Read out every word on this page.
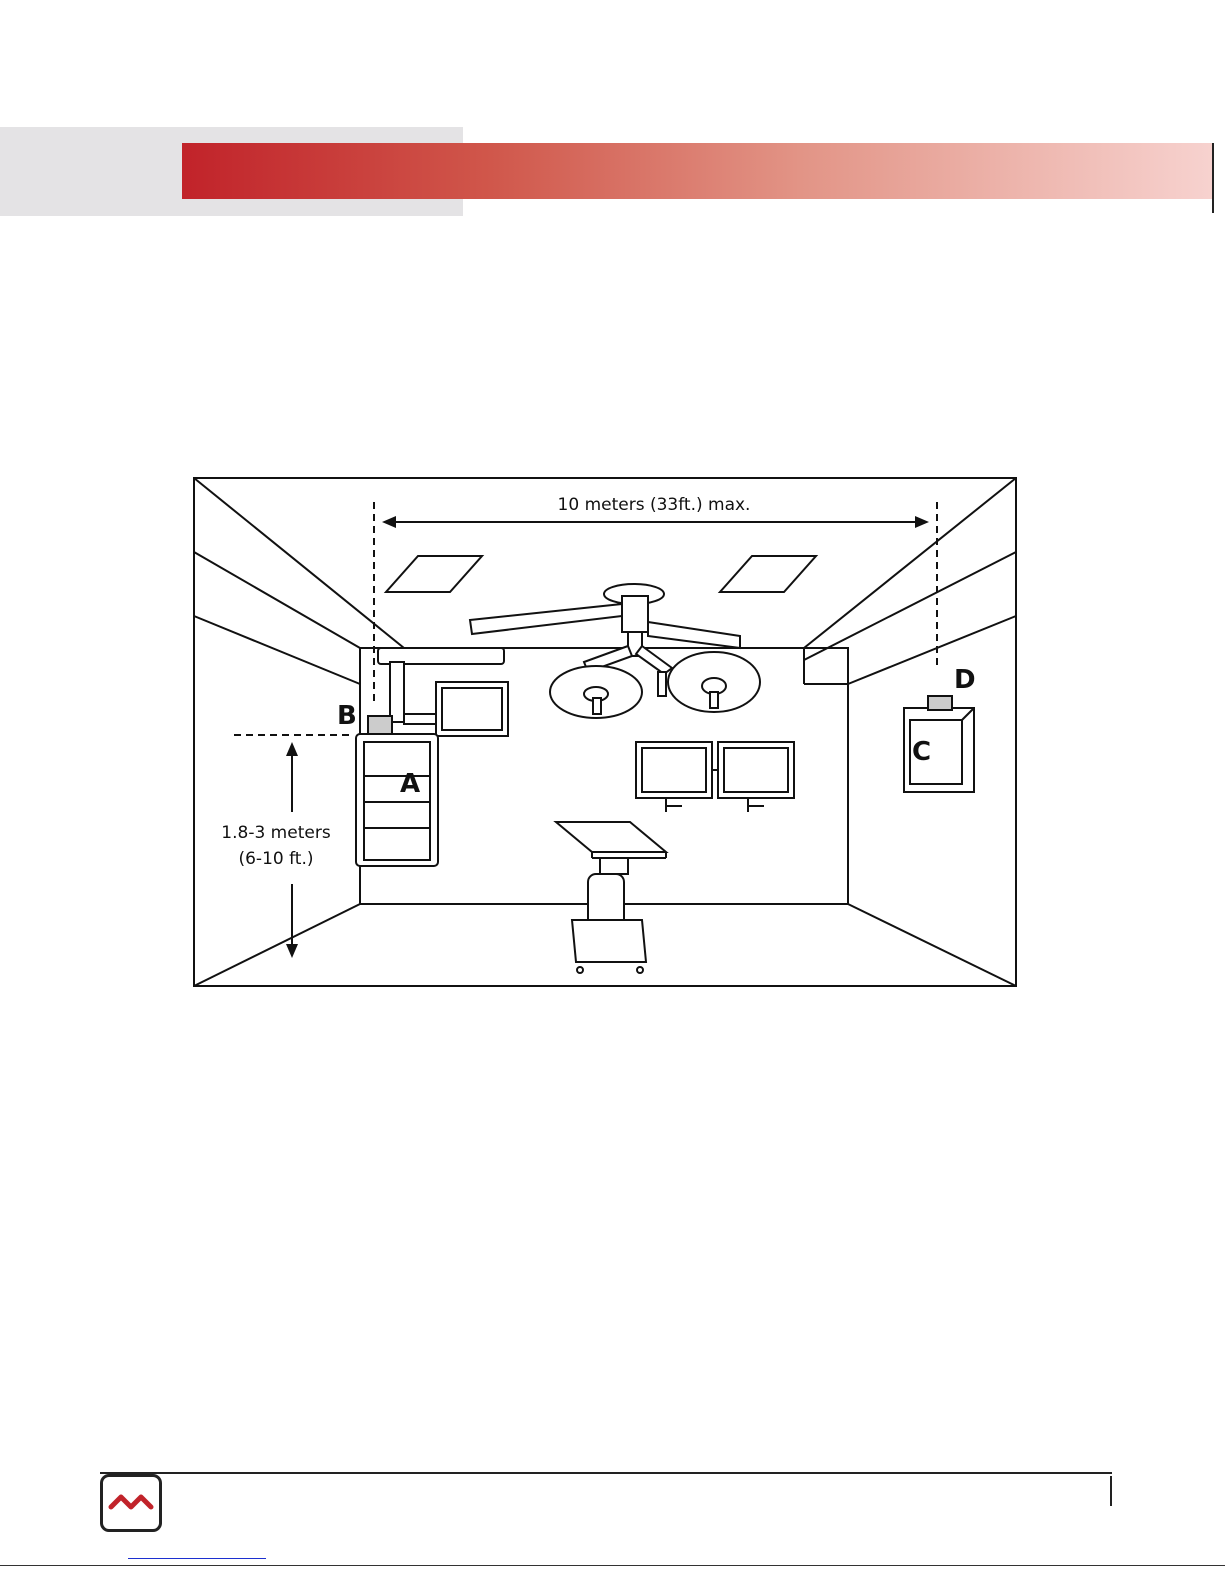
10 meters (33ft.) max.
1.8-3 meters
(6-10 ft.)
A
B
C
D
